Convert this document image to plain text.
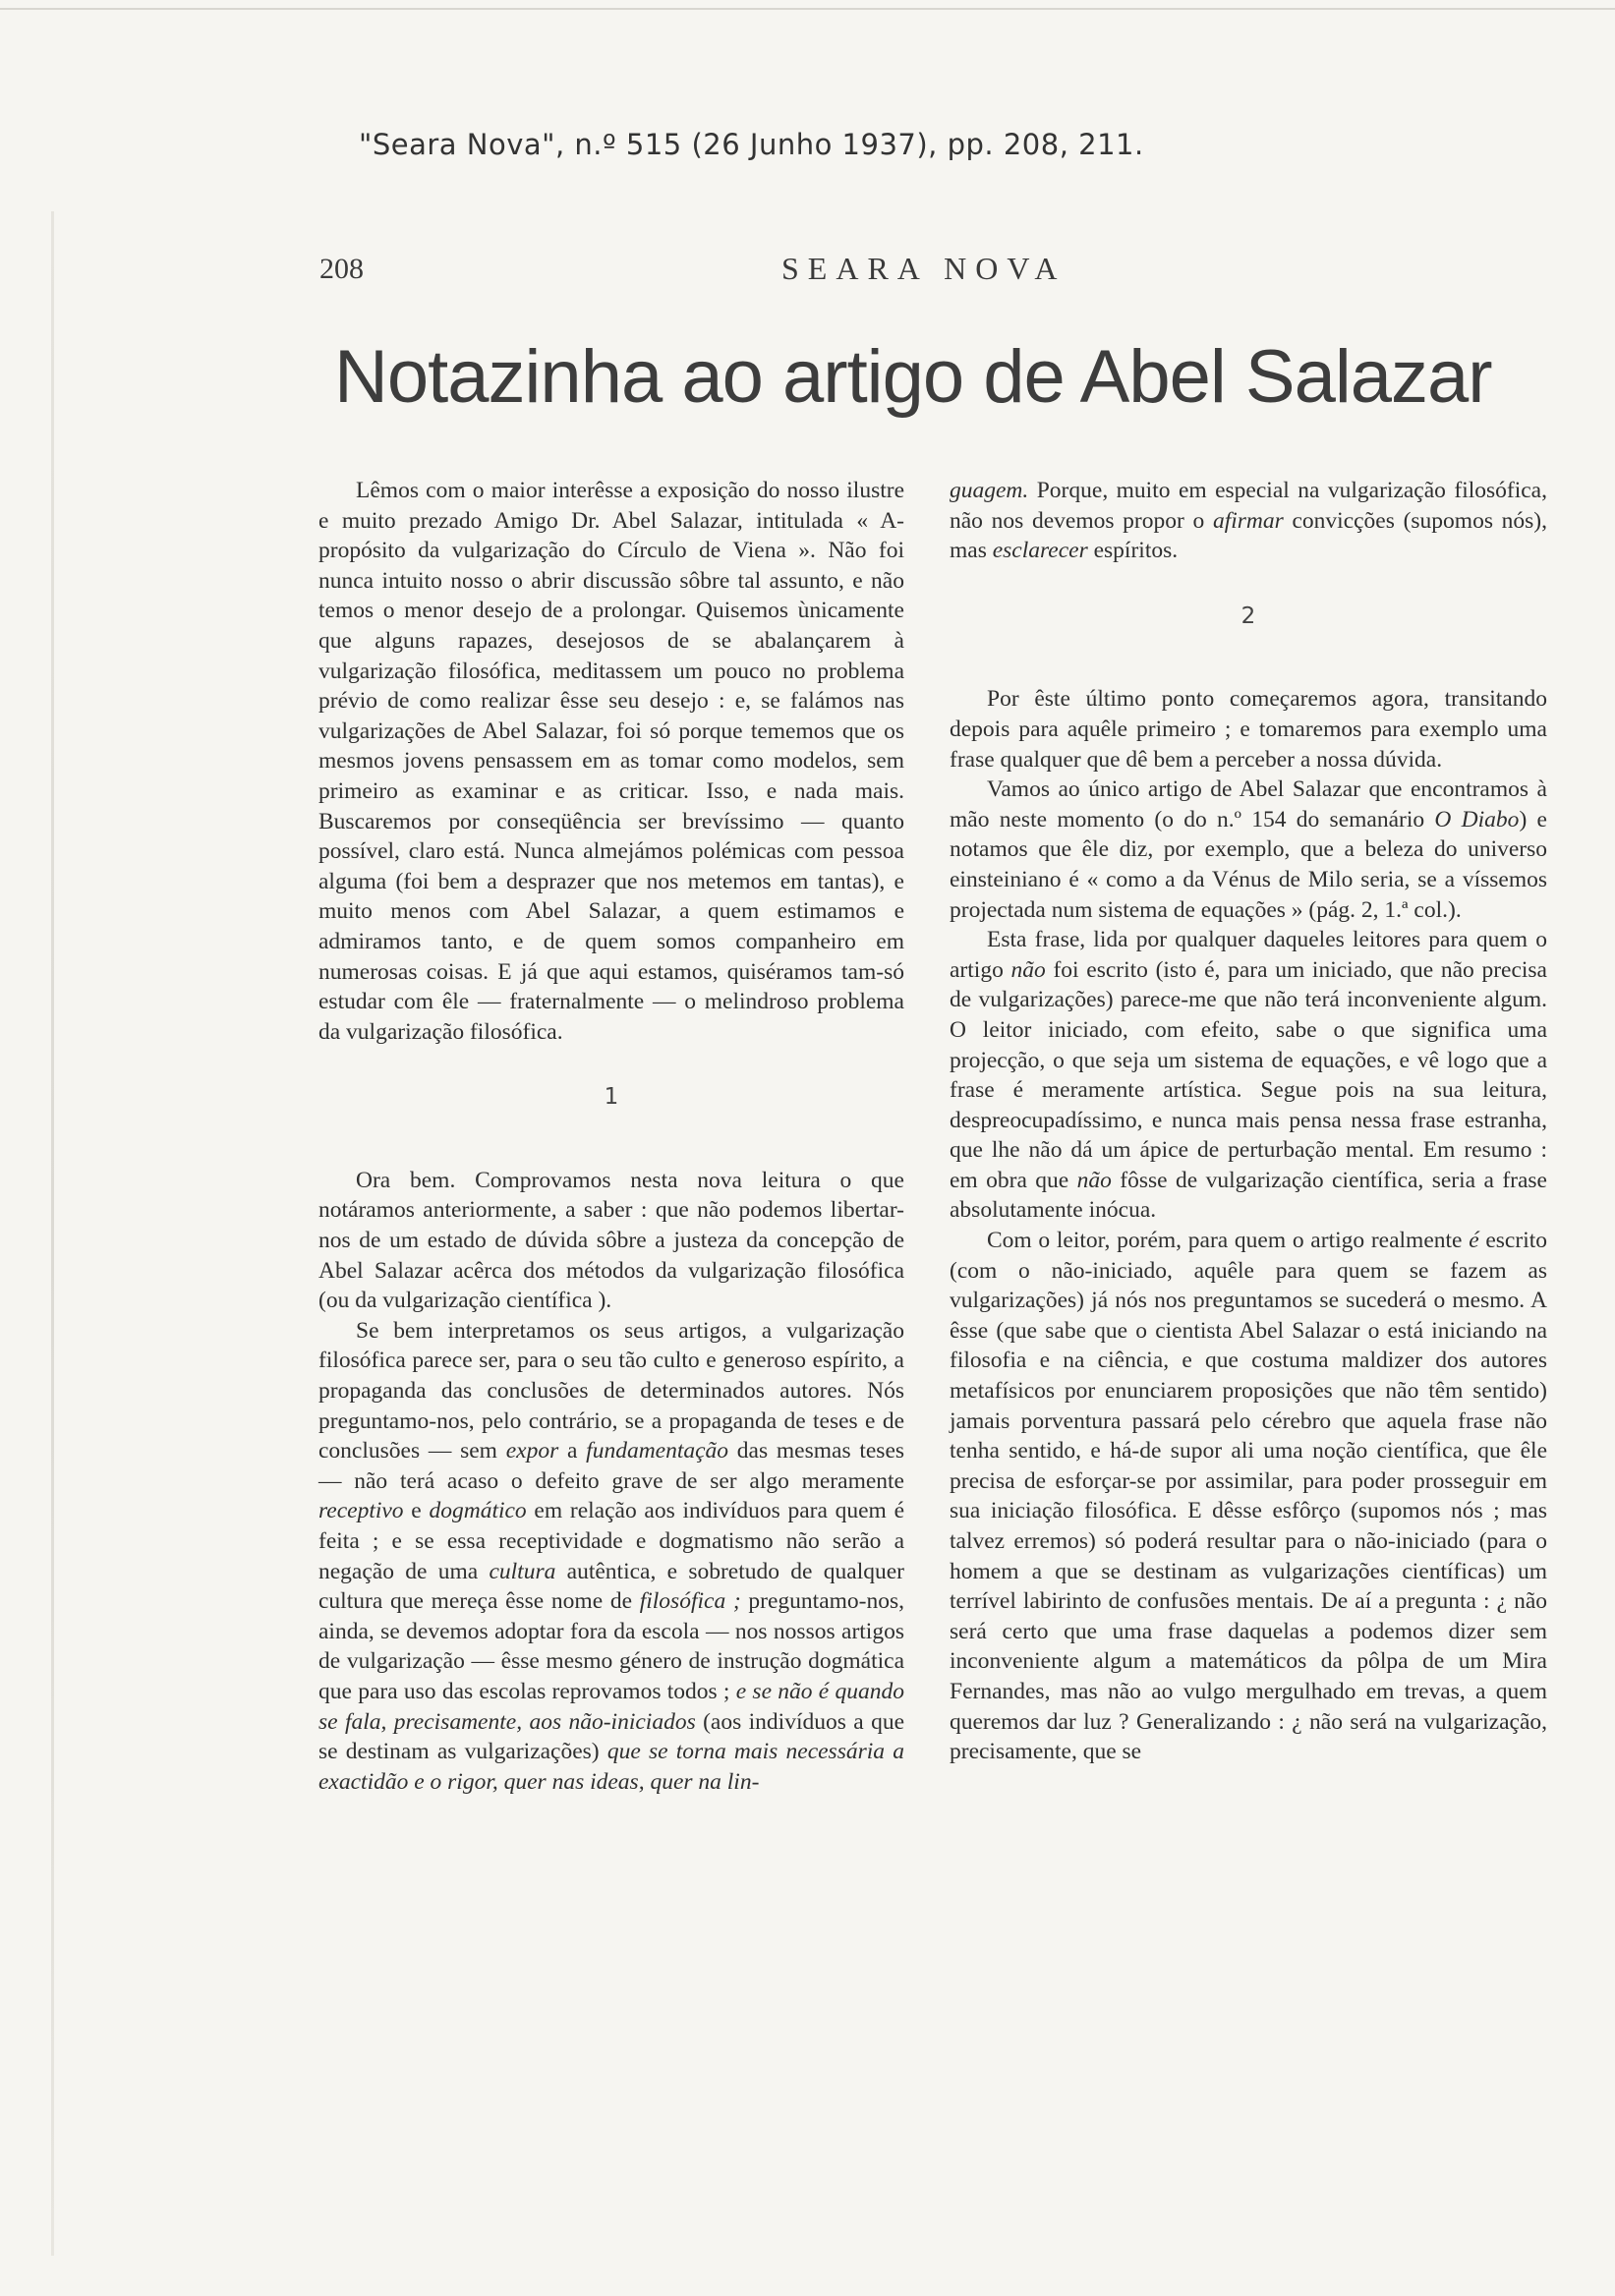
"Seara Nova", n.º 515 (26 Junho 1937), pp. 208, 211.
208	SEARA NOVA
Notazinha ao artigo de Abel Salazar

Lêmos com o maior interêsse a exposição do nosso ilustre e muito prezado Amigo Dr. Abel Salazar, intitulada « A-propósito da vulgarização do Círculo de Viena ». Não foi nunca intuito nosso o abrir discussão sôbre tal assunto, e não temos o menor desejo de a prolongar. Quisemos ùnicamente que alguns rapazes, desejosos de se abalançarem à vulgarização filosófica, meditassem um pouco no problema prévio de como realizar êsse seu desejo : e, se falámos nas vulgarizações de Abel Salazar, foi só porque tememos que os mesmos jovens pensassem em as tomar como modelos, sem primeiro as examinar e as criticar. Isso, e nada mais. Buscaremos por conseqüência ser brevíssimo — quanto possível, claro está. Nunca almejámos polémicas com pessoa alguma (foi bem a desprazer que nos metemos em tantas), e muito menos com Abel Salazar, a quem estimamos e admiramos tanto, e de quem somos companheiro em numerosas coisas. E já que aqui estamos, quiséramos tam-só estudar com êle — fraternalmente — o melindroso problema da vulgarização filosófica.

1

Ora bem. Comprovamos nesta nova leitura o que notáramos anteriormente, a saber : que não podemos libertar-nos de um estado de dúvida sôbre a justeza da concepção de Abel Salazar acêrca dos métodos da vulgarização filosófica (ou da vulgarização científica ).

Se bem interpretamos os seus artigos, a vulgarização filosófica parece ser, para o seu tão culto e generoso espírito, a propaganda das conclusões de determinados autores. Nós preguntamo-nos, pelo contrário, se a propaganda de teses e de conclusões — sem expor a fundamentação das mesmas teses — não terá acaso o defeito grave de ser algo meramente receptivo e dogmático em relação aos indivíduos para quem é feita ; e se essa receptividade e dogmatismo não serão a negação de uma cultura autêntica, e sobretudo de qualquer cultura que mereça êsse nome de filosófica ; preguntamo-nos, ainda, se devemos adoptar fora da escola — nos nossos artigos de vulgarização — êsse mesmo género de instrução dogmática que para uso das escolas reprovamos todos ; e se não é quando se fala, precisamente, aos não-iniciados (aos indivíduos a que se destinam as vulgarizações) que se torna mais necessária a exactidão e o rigor, quer nas ideas, quer na lin-

guagem. Porque, muito em especial na vulgarização filosófica, não nos devemos propor o afirmar convicções (supomos nós), mas esclarecer espíritos.

2

Por êste último ponto começaremos agora, transitando depois para aquêle primeiro ; e tomaremos para exemplo uma frase qualquer que dê bem a perceber a nossa dúvida.

Vamos ao único artigo de Abel Salazar que encontramos à mão neste momento (o do n.º 154 do semanário O Diabo) e notamos que êle diz, por exemplo, que a beleza do universo einsteiniano é « como a da Vénus de Milo seria, se a víssemos projectada num sistema de equações » (pág. 2, 1.ª col.).

Esta frase, lida por qualquer daqueles leitores para quem o artigo não foi escrito (isto é, para um iniciado, que não precisa de vulgarizações) parece-me que não terá inconveniente algum. O leitor iniciado, com efeito, sabe o que significa uma projecção, o que seja um sistema de equações, e vê logo que a frase é meramente artística. Segue pois na sua leitura, despreocupadíssimo, e nunca mais pensa nessa frase estranha, que lhe não dá um ápice de perturbação mental. Em resumo : em obra que não fôsse de vulgarização científica, seria a frase absolutamente inócua.

Com o leitor, porém, para quem o artigo realmente é escrito (com o não-iniciado, aquêle para quem se fazem as vulgarizações) já nós nos preguntamos se sucederá o mesmo. A êsse (que sabe que o cientista Abel Salazar o está iniciando na filosofia e na ciência, e que costuma maldizer dos autores metafísicos por enunciarem proposições que não têm sentido) jamais porventura passará pelo cérebro que aquela frase não tenha sentido, e há-de supor ali uma noção científica, que êle precisa de esforçar-se por assimilar, para poder prosseguir em sua iniciação filosófica. E dêsse esfôrço (supomos nós ; mas talvez erremos) só poderá resultar para o não-iniciado (para o homem a que se destinam as vulgarizações científicas) um terrível labirinto de confusões mentais. De aí a pregunta : ¿ não será certo que uma frase daquelas a podemos dizer sem inconveniente algum a matemáticos da pôlpa de um Mira Fernandes, mas não ao vulgo mergulhado em trevas, a quem queremos dar luz ? Generalizando : ¿ não será na vulgarização, precisamente, que se
